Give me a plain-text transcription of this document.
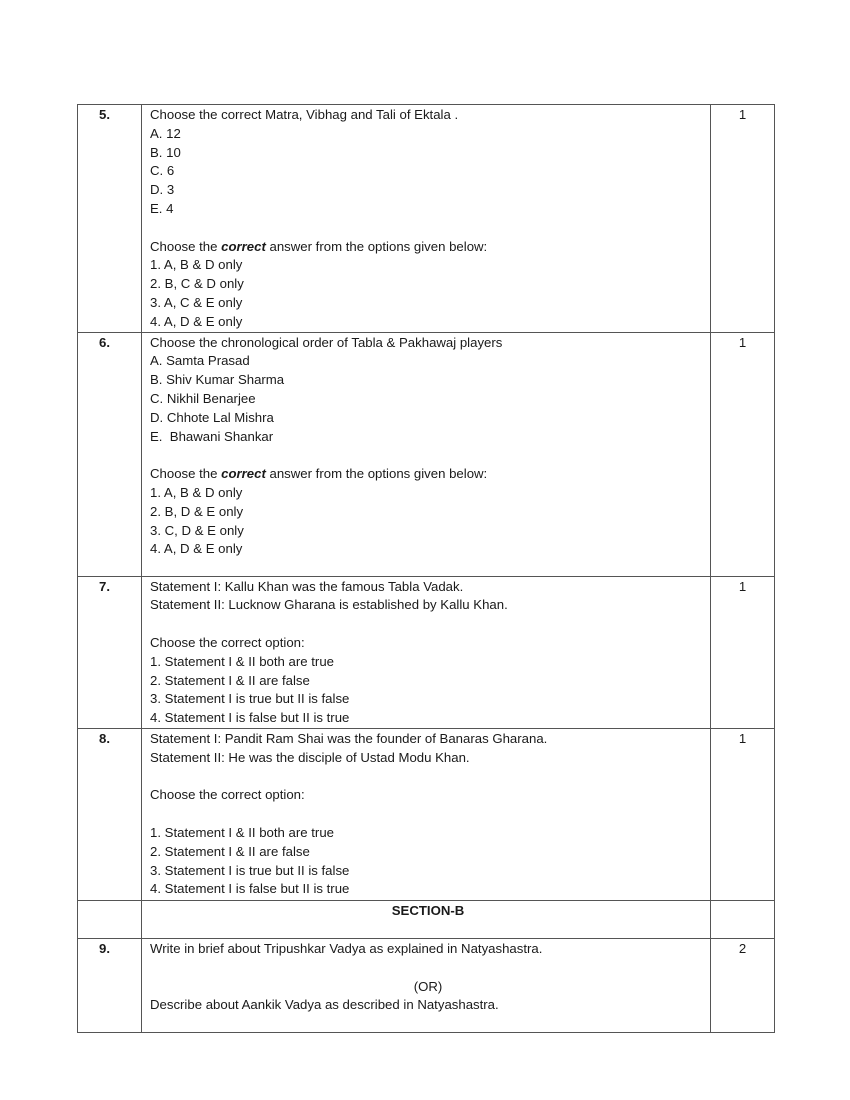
5.	Choose the correct Matra, Vibhag and Tali of Ektala .
A. 12
B. 10
C. 6
D. 3
E. 4
Choose the correct answer from the options given below:
1. A, B & D only
2. B, C & D only
3. A, C & E only
4. A, D & E only
	1
6.	Choose the chronological order of Tabla & Pakhawaj players
A. Samta Prasad
B. Shiv Kumar Sharma
C. Nikhil Benarjee
D. Chhote Lal Mishra
E.  Bhawani Shankar
Choose the correct answer from the options given below:
1. A, B & D only
2. B, D & E only
3. C, D & E only
4. A, D & E only
	1
7.	Statement I: Kallu Khan was the famous Tabla Vadak.
Statement II: Lucknow Gharana is established by Kallu Khan.
Choose the correct option:
1. Statement I & II both are true
2. Statement I & II are false
3. Statement I is true but II is false
4. Statement I is false but II is true
	1
8.	Statement I: Pandit Ram Shai was the founder of Banaras Gharana.
Statement II: He was the disciple of Ustad Modu Khan.
Choose the correct option:
1. Statement I & II both are true
2. Statement I & II are false
3. Statement I is true but II is false
4. Statement I is false but II is true
	1
	SECTION-B	
9.	Write in brief about Tripushkar Vadya as explained in Natyashastra.
(OR)
Describe about Aankik Vadya as described in Natyashastra.	2
